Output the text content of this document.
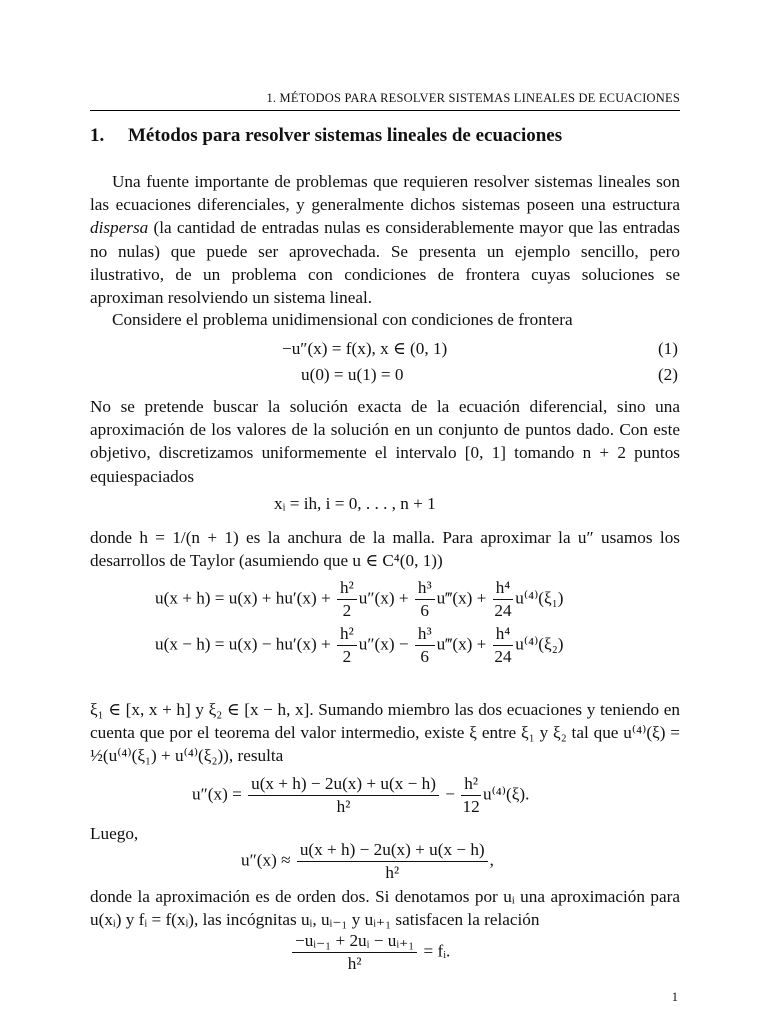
1. MÉTODOS PARA RESOLVER SISTEMAS LINEALES DE ECUACIONES
1. Métodos para resolver sistemas lineales de ecuaciones
Una fuente importante de problemas que requieren resolver sistemas lineales son las ecuaciones diferenciales, y generalmente dichos sistemas poseen una estructura dispersa (la cantidad de entradas nulas es considerablemente mayor que las entradas no nulas) que puede ser aprovechada. Se presenta un ejemplo sencillo, pero ilustrativo, de un problema con condiciones de frontera cuyas soluciones se aproximan resolviendo un sistema lineal.
Considere el problema unidimensional con condiciones de frontera
−u″(x) = f(x), x ∈ (0, 1)	(1)
u(0) = u(1) = 0	(2)
No se pretende buscar la solución exacta de la ecuación diferencial, sino una aproximación de los valores de la solución en un conjunto de puntos dado. Con este objetivo, discretizamos uniformemente el intervalo [0, 1] tomando n + 2 puntos equiespaciados
xᵢ = ih, i = 0, . . . , n + 1
donde h = 1/(n + 1) es la anchura de la malla. Para aproximar la u″ usamos los desarrollos de Taylor (asumiendo que u ∈ C⁴(0, 1))
$u(x + h) = u(x) + hu'(x) + \frac{\text{h²}}{2} u''(x) + \frac{\text{h³}}{6}$ u‴(x) + $\frac{\text{h⁴}}{24} u^{(4)}(\xi_1)$
$u(x - h) = u(x) - hu'(x) + \frac{\text{h²}}{2} u''(x) - \frac{\text{h³}}{6}$ u‴(x) + $\frac{\text{h⁴}}{24} u^{(4)}(\xi_2)$
ξ₁ ∈ [x, x + h] y ξ₂ ∈ [x − h, x]. Sumando miembro las dos ecuaciones y teniendo en cuenta que por el teorema del valor intermedio, existe ξ entre ξ₁ y ξ₂ tal que u⁽⁴⁾(ξ) = ½(u⁽⁴⁾(ξ₁) + u⁽⁴⁾(ξ₂)), resulta
$u''(x) = \frac{u(x + h) - 2u(x) + u(x - h)}{\text{h²}} - \frac{\text{h²}}{12} u^{(4)}(\xi)$.
Luego,
$u''(x) \approx \frac{u(x + h) - 2u(x) + u(x - h)}{\text{h²}}$ ,
donde la aproximación es de orden dos. Si denotamos por uᵢ una aproximación para u(xᵢ) y fᵢ = f(xᵢ), las incógnitas uᵢ, uᵢ₋₁ y uᵢ₊₁ satisfacen la relación
$\frac{\text{−uᵢ₋₁ + 2uᵢ − uᵢ₊₁}}{\text{h²}}$ = fᵢ.
1
